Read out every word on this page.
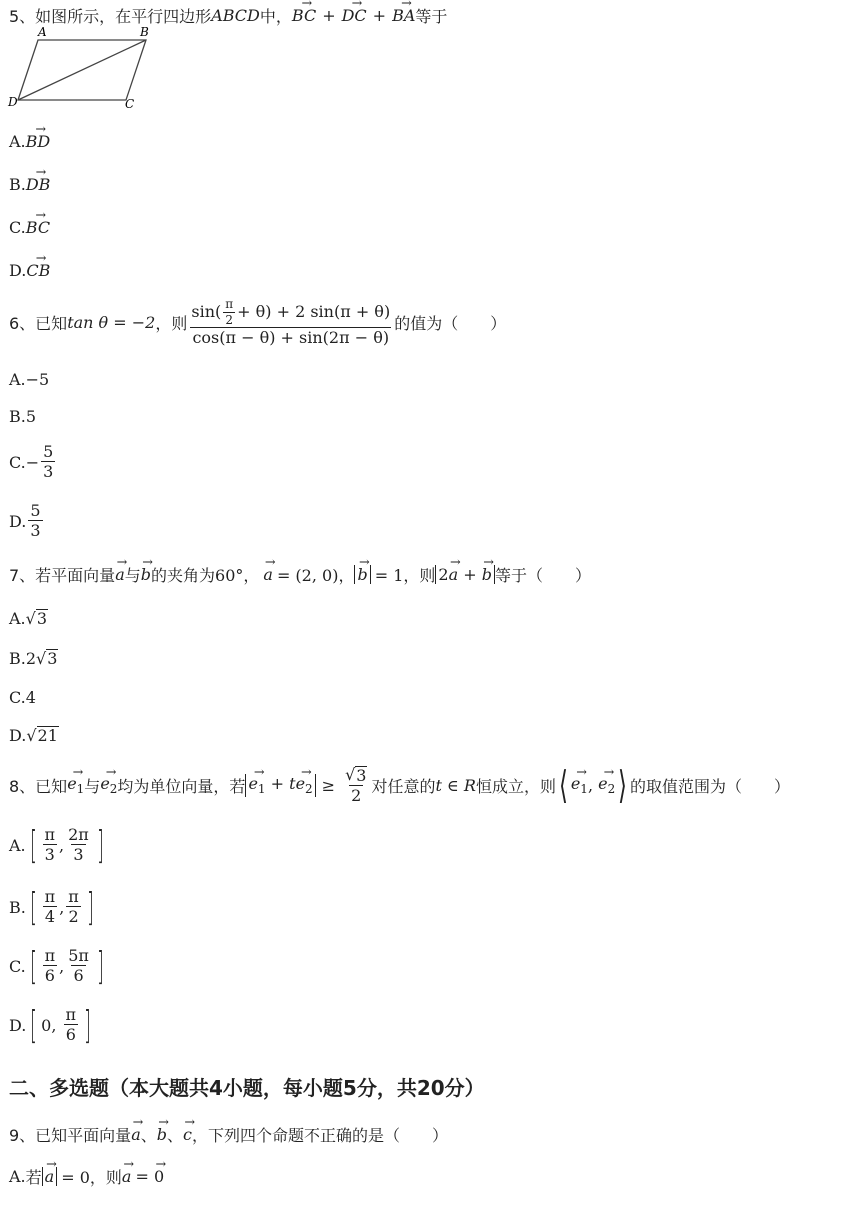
5、如图所示，在平行四边形 ABCD 中， BC → + DC → + BA → 等于
A	B
C
D
A. BD →
B. DB →
C. BC →
D. CB →
6、已知 tan θ = −2 ，则 $\frac{\sin( \frac{\pi}{2} + \theta) + 2 \sin(\pi + \theta)}{\cos(\pi - \theta) + \sin(2\pi - \theta)}$ 的值为（　　）
A. −5
B. 5
C. − $\frac{5}{3}$
D. $\frac{5}{3}$
7、若平面向量 a → 与 b → 的夹角为 60°， a → = (2, 0)， b → = 1，则 2a → + b → 等于（　　）
A. √ 3
B. 2 √ 3
C. 4
D. √ 21
8、已知 $e_1$ → 与 $e_2$ → 均为单位向量，若 $e_1$ → + $te_2$ → ≥ $\frac{√ 3}{2}$ 对任意的 t ∈ R 恒成立，则 ⟨ $e_1$ → , $e_2$ → ⟩ 的取值范围为（　　）
A. [ $\frac{\pi}{3}$ , $\frac{2\pi}{3}$ ]
B. [ $\frac{\pi}{4}$ , $\frac{\pi}{2}$ ]
C. [ $\frac{\pi}{6}$ , $\frac{5\pi}{6}$ ]
D. [ 0 , $\frac{\pi}{6}$ ]
二、多选题（本大题共4小题，每小题5分，共20分）
9、已知平面向量 a → 、 b → 、 c → ，下列四个命题不正确的是（　　）
A. 若 a → = 0，则 a → = 0 →
